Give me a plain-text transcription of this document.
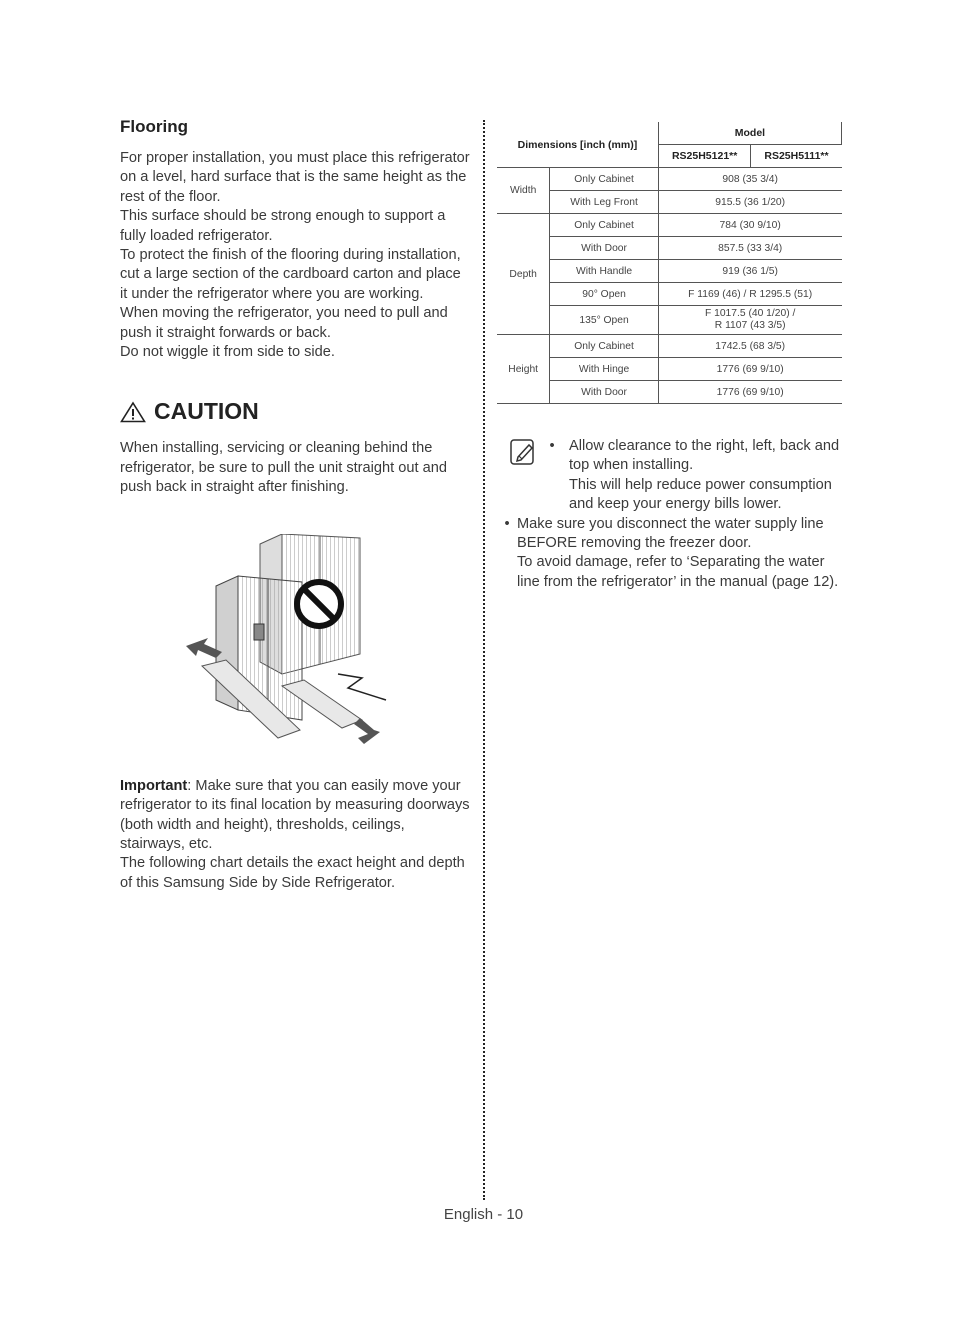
Flooring

For proper installation, you must place this refrigerator on a level, hard surface that is the same height as the rest of the floor.

This surface should be strong enough to support a fully loaded refrigerator.

To protect the finish of the flooring during installation, cut a large section of the cardboard carton and place it under the refrigerator where you are working.

When moving the refrigerator, you need to pull and push it straight forwards or back.

Do not wiggle it from side to side.

CAUTION

When installing, servicing or cleaning behind the refrigerator, be sure to pull the unit straight out and push back in straight after finishing.

Important: Make sure that you can easily move your refrigerator to its final location by measuring doorways (both width and height), thresholds, ceilings, stairways, etc.

The following chart details the exact height and depth of this Samsung Side by Side Refrigerator.

Dimensions [inch (mm)]		Model	
		RS25H5121**	RS25H5111**
Width	Only Cabinet	908 (35 3/4)	
	With Leg Front	915.5 (36 1/20)	
Depth	Only Cabinet	784 (30 9/10)	
	With Door	857.5 (33 3/4)	
	With Handle	919 (36 1/5)	
	90° Open	F 1169 (46) / R 1295.5 (51)	
	135° Open	F 1017.5 (40 1/20) /
R 1107 (43 3/5)	

Height	Only Cabinet	1742.5 (68 3/5)	
	With Hinge	1776 (69 9/10)	
	With Door	1776 (69 9/10)	
• Allow clearance to the right, left, back and top when installing.
This will help reduce power consumption and keep your energy bills lower.
• Make sure you disconnect the water supply line BEFORE removing the freezer door.
To avoid damage, refer to ‘Separating the water line from the refrigerator’ in the manual (page 12).
English - 10
